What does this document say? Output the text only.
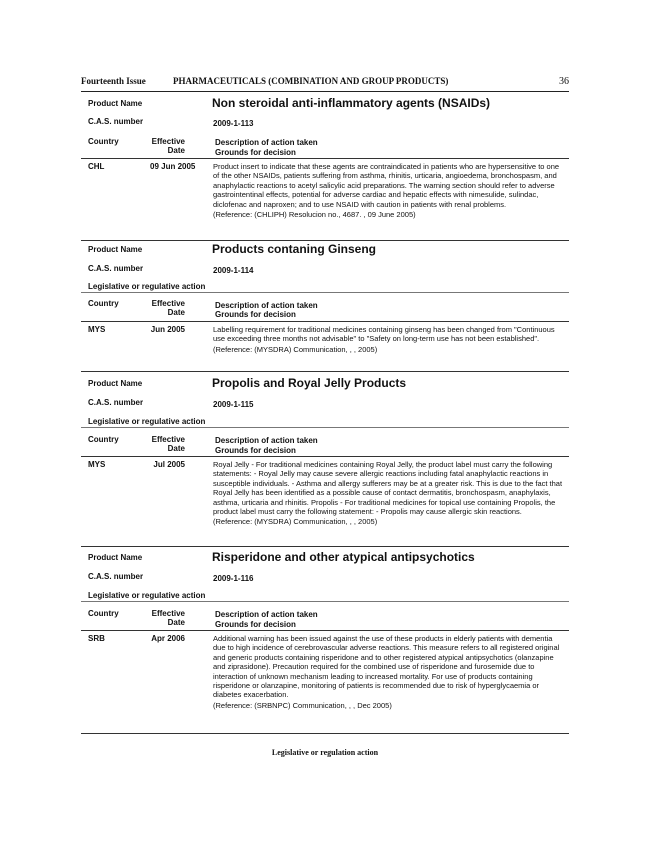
Fourteenth Issue	PHARMACEUTICALS (COMBINATION AND GROUP PRODUCTS)	36
Product Name	Non steroidal anti-inflammatory agents (NSAIDs)
C.A.S. number	2009-1-113
Country	Effective
Date
Description of action taken
Grounds for decision
CHL	09 Jun 2005 Product insert to indicate that these agents are contraindicated in patients who are hypersensitive to one of the other NSAIDs, patients suffering from asthma, rhinitis, urticaria, angioedema, bronchospasm, and anaphylactic reactions to acetyl salicylic acid preparations. The warning section should refer to adverse gastrointentinal effects, potential for adverse cardiac and hepatic effects with nimesulide, sulindac, diclofenac and naproxen; and to use NSAID with caution in patients with renal problems.

(Reference: (CHLIPH) Resolucion no., 4687. , 09 June 2005)

Product Name	Products contaning Ginseng
C.A.S. number	2009-1-114
Legislative or regulative action
Country	Effective
Date
Description of action taken
Grounds for decision
MYS	Jun 2005	Labelling requirement for traditional medicines containing ginseng has been changed from "Continuous use exceeding three months not advisable" to "Safety on long-term use has not been established".

(Reference: (MYSDRA) Communication, , , 2005)

Product Name	Propolis and Royal Jelly Products
C.A.S. number	2009-1-115
Legislative or regulative action
Country	Effective
Date
Description of action taken
Grounds for decision
MYS	Jul 2005	Royal Jelly - For traditional medicines containing Royal Jelly, the product label must carry the following statements: - Royal Jelly may cause severe allergic reactions including fatal anaphylactic reactions in susceptible individuals. - Asthma and allergy sufferers may be at a greater risk. This is due to the fact that Royal Jelly has been identified as a possible cause of contact dermatitis, bronchospasm, anaphylaxis, asthma, urticaria and rhinitis. Propolis - For traditional medicines for topical use containing Propolis, the product label must carry the following statement: - Propolis may cause allergic skin reactions.

(Reference: (MYSDRA) Communication, , , 2005)

Product Name	Risperidone and other atypical antipsychotics
C.A.S. number	2009-1-116
Legislative or regulative action
Country	Effective
Date
Description of action taken
Grounds for decision
SRB	Apr 2006	Additional warning has been issued against the use of these products in elderly patients with dementia due to high incidence of cerebrovascular adverse reactions. This measure refers to all registered original and generic products containing risperidone and to other registered atypical antipsychotics (olanzapine and ziprasidone). Precaution required for the combined use of risperidone and furosemide due to interaction of unknown mechanism leading to increased mortality. For use of products containing risperidone or olanzapine, monitoring of patients is recommended due to risk of hyperglycaemia or diabetes exacerbation.

(Reference: (SRBNPC) Communication, , , Dec 2005)

Legislative or regulation action
